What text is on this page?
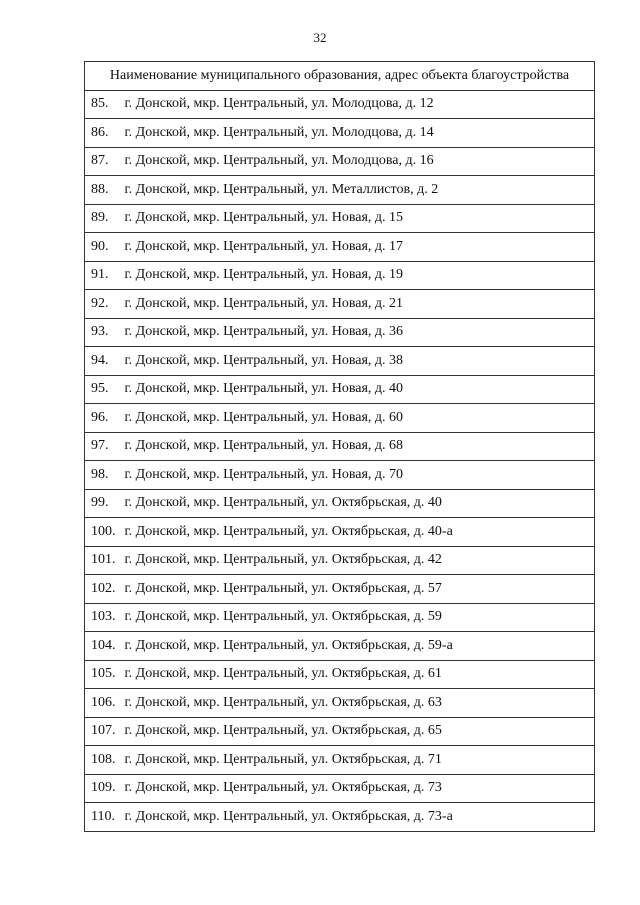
32
Наименование муниципального образования, адрес объекта благоустройства
85. г. Донской, мкр. Центральный, ул. Молодцова, д. 12
86. г. Донской, мкр. Центральный, ул. Молодцова, д. 14
87. г. Донской, мкр. Центральный, ул. Молодцова, д. 16
88. г. Донской, мкр. Центральный, ул. Металлистов, д. 2
89. г. Донской, мкр. Центральный, ул. Новая, д. 15
90. г. Донской, мкр. Центральный, ул. Новая, д. 17
91. г. Донской, мкр. Центральный, ул. Новая, д. 19
92. г. Донской, мкр. Центральный, ул. Новая, д. 21
93. г. Донской, мкр. Центральный, ул. Новая, д. 36
94. г. Донской, мкр. Центральный, ул. Новая, д. 38
95. г. Донской, мкр. Центральный, ул. Новая, д. 40
96. г. Донской, мкр. Центральный, ул. Новая, д. 60
97. г. Донской, мкр. Центральный, ул. Новая, д. 68
98. г. Донской, мкр. Центральный, ул. Новая, д. 70
99. г. Донской, мкр. Центральный, ул. Октябрьская, д. 40
100. г. Донской, мкр. Центральный, ул. Октябрьская, д. 40-а
101. г. Донской, мкр. Центральный, ул. Октябрьская, д. 42
102. г. Донской, мкр. Центральный, ул. Октябрьская, д. 57
103. г. Донской, мкр. Центральный, ул. Октябрьская, д. 59
104. г. Донской, мкр. Центральный, ул. Октябрьская, д. 59-а
105. г. Донской, мкр. Центральный, ул. Октябрьская, д. 61
106. г. Донской, мкр. Центральный, ул. Октябрьская, д. 63
107. г. Донской, мкр. Центральный, ул. Октябрьская, д. 65
108. г. Донской, мкр. Центральный, ул. Октябрьская, д. 71
109. г. Донской, мкр. Центральный, ул. Октябрьская, д. 73
110. г. Донской, мкр. Центральный, ул. Октябрьская, д. 73-а
